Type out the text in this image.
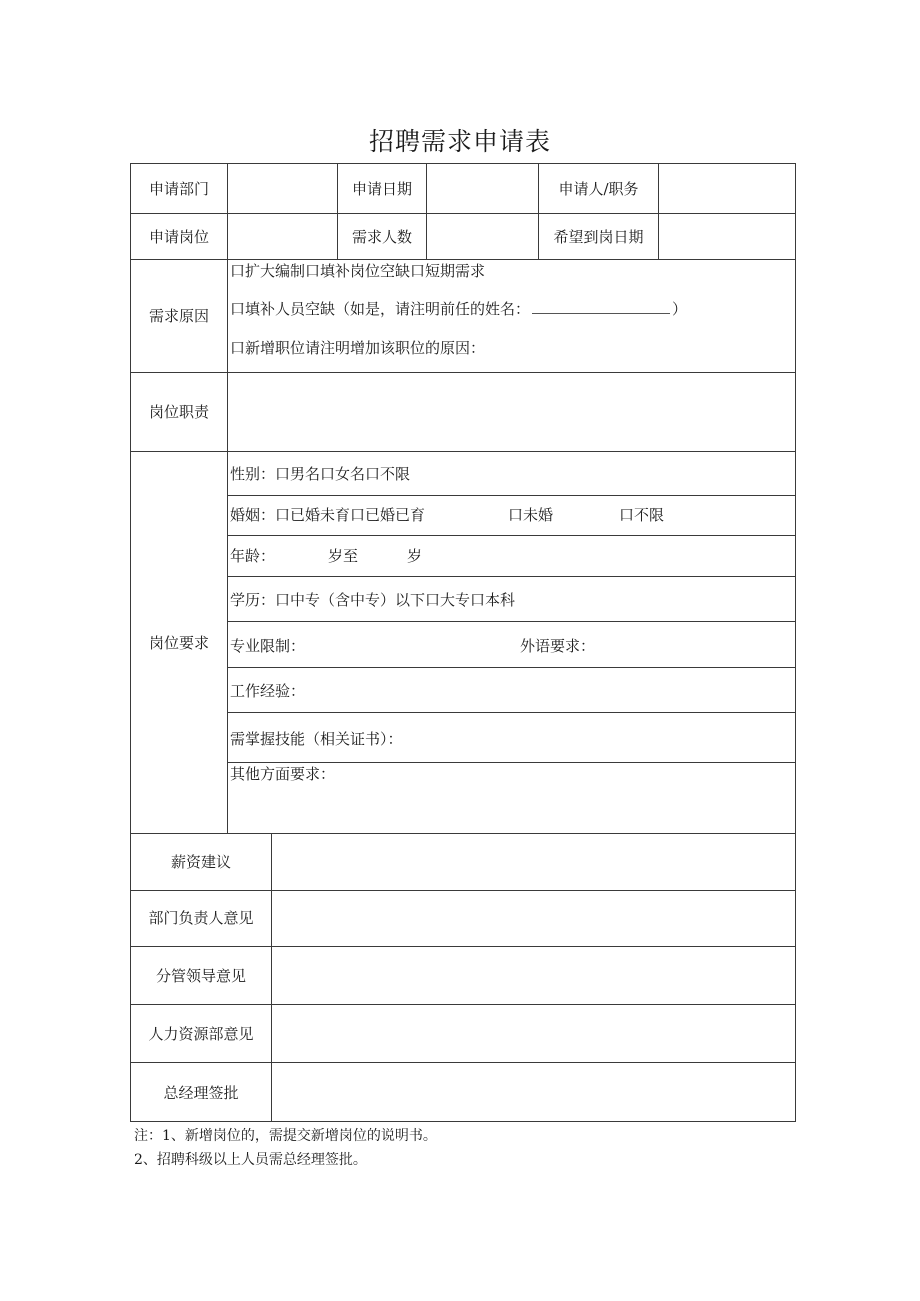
招聘需求申请表
申请部门	申请日期	申请人/职务
申请岗位	需求人数	希望到岗日期
需求原因
口扩大编制口填补岗位空缺口短期需求
口填补人员空缺（如是，请注明前任的姓名：	）
口新增职位请注明增加该职位的原因：
岗位职责
岗位要求
性别：口男名口女名口不限
婚姻：口已婚未育口已婚已育	口未婚	口不限
年龄：	岁至	岁
学历：口中专（含中专）以下口大专口本科
专业限制：	外语要求：
工作经验：
需掌握技能（相关证书）：
其他方面要求：
薪资建议
部门负责人意见
分管领导意见
人力资源部意见
总经理签批
注：1、新增岗位的，需提交新增岗位的说明书。
2、招聘科级以上人员需总经理签批。
